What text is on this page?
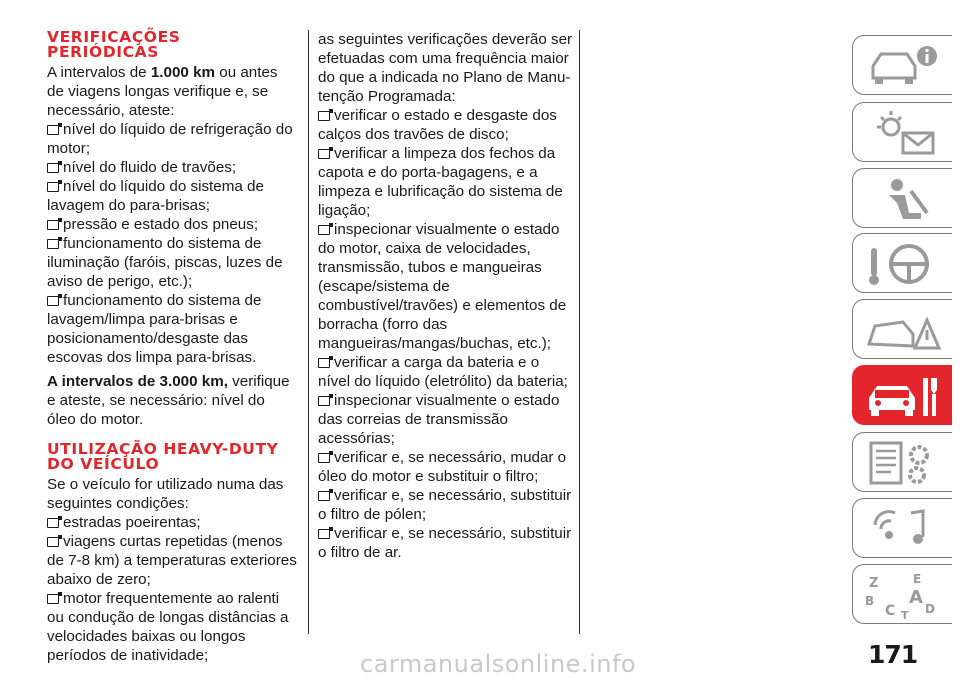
VERIFICAÇÕES
PERIÓDICAS

A intervalos de 1.000 km ou antes de viagens longas verifique e, se necessário, ateste:

nível do líquido de refrigeração do motor;

nível do fluido de travões;

nível do líquido do sistema de lavagem do para-brisas;

pressão e estado dos pneus;

funcionamento do sistema de iluminação (faróis, piscas, luzes de aviso de perigo, etc.);

funcionamento do sistema de lavagem/limpa para-brisas e posicionamento/desgaste das escovas dos limpa para-brisas.

A intervalos de 3.000 km, verifique e ateste, se necessário: nível do óleo do motor.

UTILIZAÇÃO HEAVY-DUTY
DO VEÍCULO

Se o veículo for utilizado numa das seguintes condições:

estradas poeirentas;

viagens curtas repetidas (menos de 7-8 km) a temperaturas exteriores abaixo de zero;

motor frequentemente ao ralenti ou condução de longas distâncias a velocidades baixas ou longos períodos de inatividade;

as seguintes verificações deverão ser efetuadas com uma frequência maior do que a indicada no Plano de Manutenção Programada:

verificar o estado e desgaste dos calços dos travões de disco;

verificar a limpeza dos fechos da capota e do porta-bagagens, e a limpeza e lubrificação do sistema de ligação;

inspecionar visualmente o estado do motor, caixa de velocidades, transmissão, tubos e mangueiras (escape/sistema de combustível/travões) e elementos de borracha (forro das mangueiras/mangas/buchas, etc.);

verificar a carga da bateria e o nível do líquido (eletrólito) da bateria;

inspecionar visualmente o estado das correias de transmissão acessórias;

verificar e, se necessário, mudar o óleo do motor e substituir o filtro;

verificar e, se necessário, substituir o filtro de pólen;

verificar e, se necessário, substituir o filtro de ar.

Z	E
B A
C D
T
171
carmanualsonline.info
